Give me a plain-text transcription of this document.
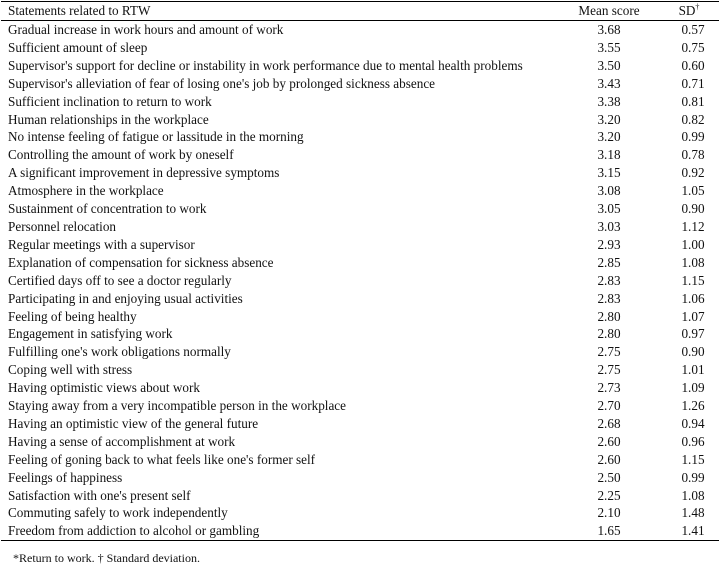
Statements related to RTW	Mean score	SD†
Gradual increase in work hours and amount of work	3.68	0.57
Sufficient amount of sleep	3.55	0.75
Supervisor's support for decline or instability in work performance due to mental health problems	3.50	0.60
Supervisor's alleviation of fear of losing one's job by prolonged sickness absence	3.43	0.71
Sufficient inclination to return to work	3.38	0.81
Human relationships in the workplace	3.20	0.82
No intense feeling of fatigue or lassitude in the morning	3.20	0.99
Controlling the amount of work by oneself	3.18	0.78
A significant improvement in depressive symptoms	3.15	0.92
Atmosphere in the workplace	3.08	1.05
Sustainment of concentration to work	3.05	0.90
Personnel relocation	3.03	1.12
Regular meetings with a supervisor	2.93	1.00
Explanation of compensation for sickness absence	2.85	1.08
Certified days off to see a doctor regularly	2.83	1.15
Participating in and enjoying usual activities	2.83	1.06
Feeling of being healthy	2.80	1.07
Engagement in satisfying work	2.80	0.97
Fulfilling one's work obligations normally	2.75	0.90
Coping well with stress	2.75	1.01
Having optimistic views about work	2.73	1.09
Staying away from a very incompatible person in the workplace	2.70	1.26
Having an optimistic view of the general future	2.68	0.94
Having a sense of accomplishment at work	2.60	0.96
Feeling of goning back to what feels like one's former self	2.60	1.15
Feelings of happiness	2.50	0.99
Satisfaction with one's present self	2.25	1.08
Commuting safely to work independently	2.10	1.48
Freedom from addiction to alcohol or gambling	1.65	1.41
*Return to work. † Standard deviation.
